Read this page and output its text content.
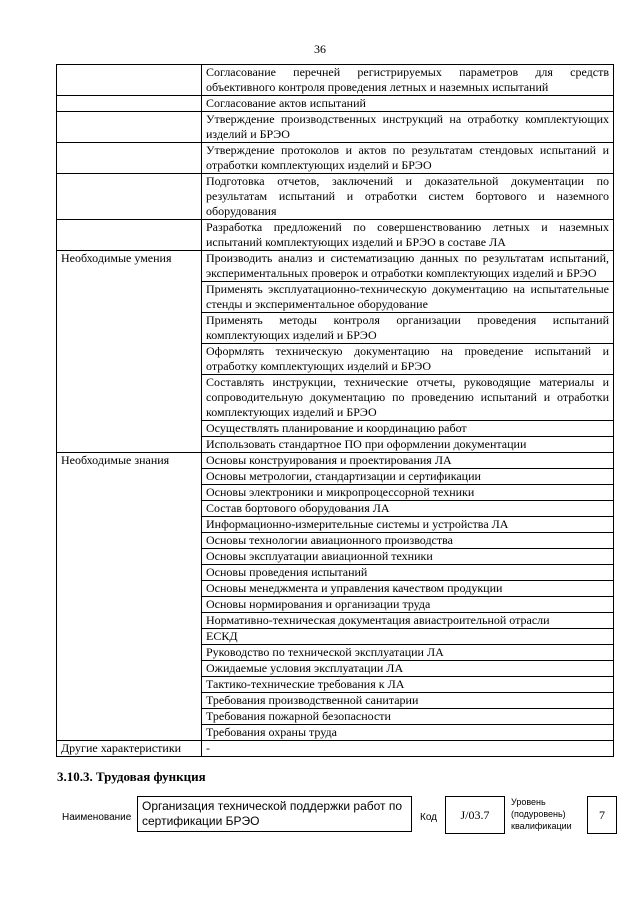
36
	Согласование перечней регистрируемых параметров для средств объективного контроля проведения летных и наземных испытаний
	Согласование актов испытаний
	Утверждение производственных инструкций на отработку комплектующих изделий и БРЭО
	Утверждение протоколов и актов по результатам стендовых испытаний и отработки комплектующих изделий и БРЭО
	Подготовка отчетов, заключений и доказательной документации по результатам испытаний и отработки систем бортового и наземного оборудования
	Разработка предложений по совершенствованию летных и наземных испытаний комплектующих изделий и БРЭО в составе ЛА
Необходимые умения	Производить анализ и систематизацию данных по результатам испытаний, экспериментальных проверок и отработки комплектующих изделий и БРЭО
	Применять эксплуатационно-техническую документацию на испытательные стенды и экспериментальное оборудование
	Применять методы контроля организации проведения испытаний комплектующих изделий и БРЭО
	Оформлять техническую документацию на проведение испытаний и отработку комплектующих изделий и БРЭО
	Составлять инструкции, технические отчеты, руководящие материалы и сопроводительную документацию по проведению испытаний и отработки комплектующих изделий и БРЭО
	Осуществлять планирование и координацию работ
	Использовать стандартное ПО при оформлении документации
Необходимые знания	Основы конструирования и проектирования ЛА
	Основы метрологии, стандартизации и сертификации
	Основы электроники и микропроцессорной техники
	Состав бортового оборудования ЛА
	Информационно-измерительные системы и устройства ЛА
	Основы технологии авиационного производства
	Основы эксплуатации авиационной техники
	Основы проведения испытаний
	Основы менеджмента и управления качеством продукции
	Основы нормирования и организации труда
	Нормативно-техническая документация авиастроительной отрасли
	ЕСКД
	Руководство по технической эксплуатации ЛА
	Ожидаемые условия эксплуатации ЛА
	Тактико-технические требования к ЛА
	Требования производственной санитарии
	Требования пожарной безопасности
	Требования охраны труда
Другие характеристики	-
3.10.3. Трудовая функция
Наименование
Организация технической поддержки работ по сертификации БРЭО	Код	J/03.7
Уровень
(подуровень)
квалификации
7
